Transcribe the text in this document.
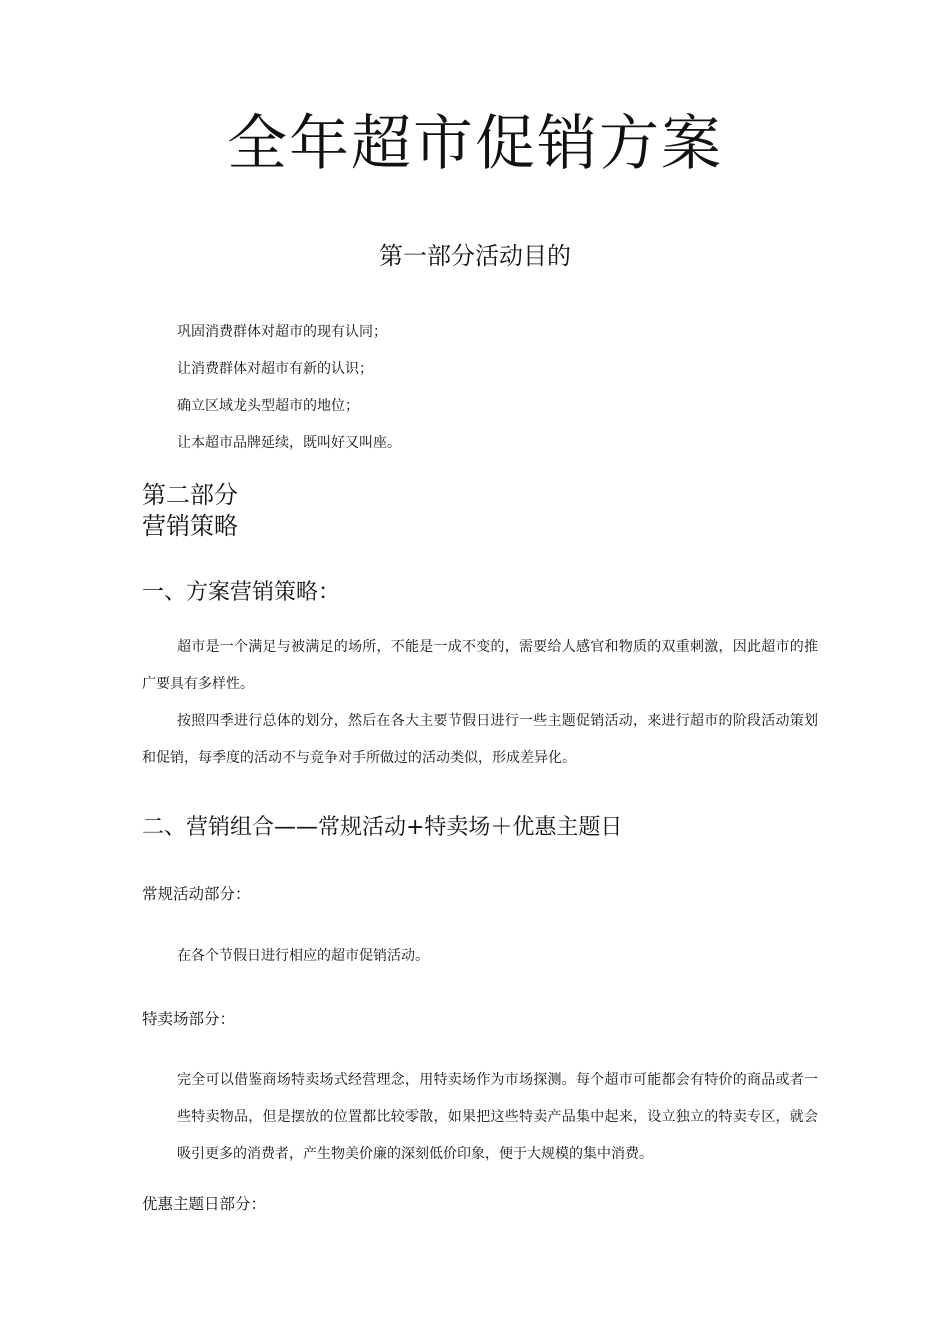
全年超市促销方案
第一部分活动目的

巩固消费群体对超市的现有认同；

让消费群体对超市有新的认识；

确立区域龙头型超市的地位；

让本超市品牌延续，既叫好又叫座。

第二部分
营销策略
一、方案营销策略：

超市是一个满足与被满足的场所，不能是一成不变的，需要给人感官和物质的双重刺激，因此超市的推广要具有多样性。

按照四季进行总体的划分，然后在各大主要节假日进行一些主题促销活动，来进行超市的阶段活动策划和促销，每季度的活动不与竞争对手所做过的活动类似，形成差异化。

二、营销组合——常规活动+特卖场＋优惠主题日

常规活动部分：

在各个节假日进行相应的超市促销活动。

特卖场部分：

完全可以借鉴商场特卖场式经营理念，用特卖场作为市场探测。每个超市可能都会有特价的商品或者一些特卖物品，但是摆放的位置都比较零散，如果把这些特卖产品集中起来，设立独立的特卖专区，就会吸引更多的消费者，产生物美价廉的深刻低价印象，便于大规模的集中消费。

优惠主题日部分：
